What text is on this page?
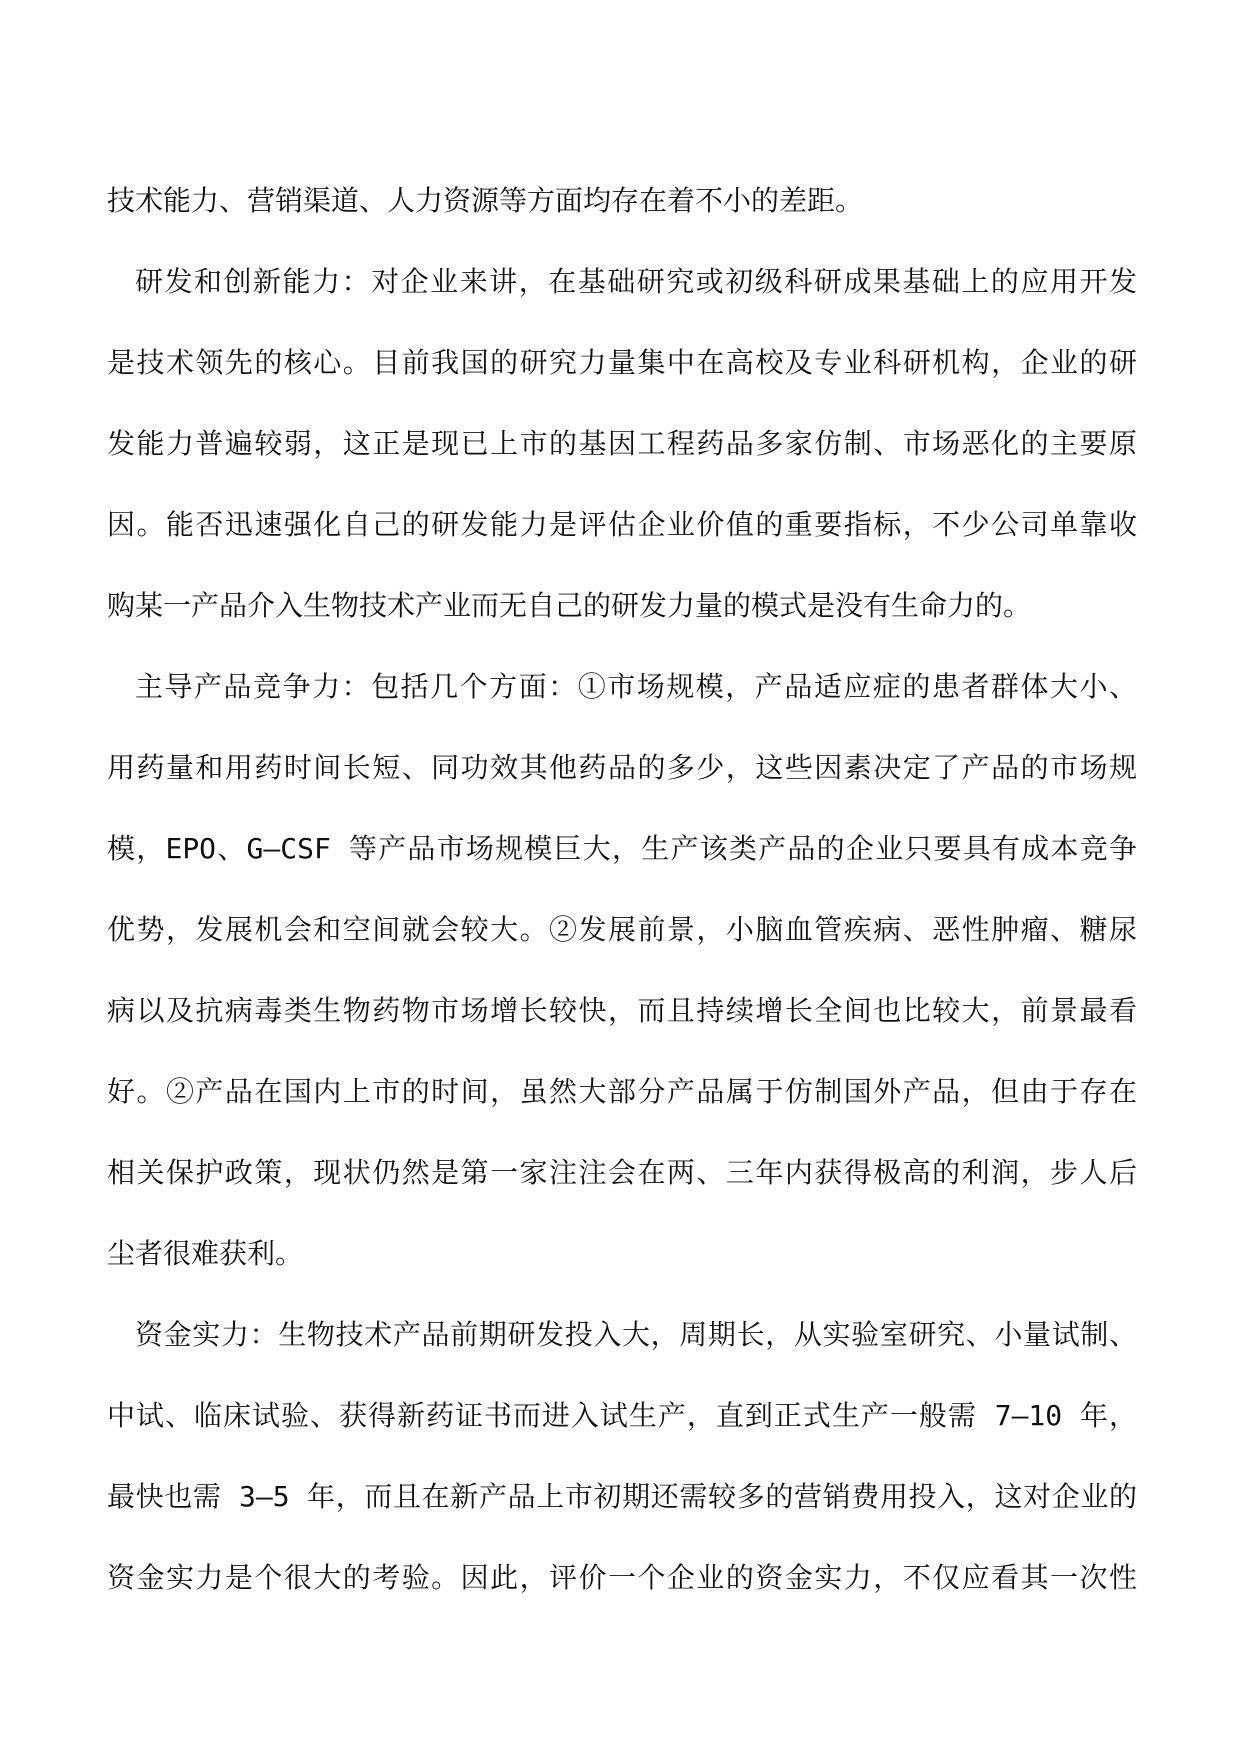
技术能力、营销渠道、人力资源等方面均存在着不小的差距。
研发和创新能力：对企业来讲，在基础研究或初级科研成果基础上的应用开发
是技术领先的核心。目前我国的研究力量集中在高校及专业科研机构，企业的研
发能力普遍较弱，这正是现已上市的基因工程药品多家仿制、市场恶化的主要原
因。能否迅速强化自己的研发能力是评估企业价值的重要指标，不少公司单靠收
购某一产品介入生物技术产业而无自己的研发力量的模式是没有生命力的。
主导产品竞争力：包括几个方面：①市场规模，产品适应症的患者群体大小、
用药量和用药时间长短、同功效其他药品的多少，这些因素决定了产品的市场规
模，EPO、G—CSF 等产品市场规模巨大，生产该类产品的企业只要具有成本竞争
优势，发展机会和空间就会较大。②发展前景，小脑血管疾病、恶性肿瘤、糖尿
病以及抗病毒类生物药物市场增长较快，而且持续增长全间也比较大，前景最看
好。②产品在国内上市的时间，虽然大部分产品属于仿制国外产品，但由于存在
相关保护政策，现状仍然是第一家注注会在两、三年内获得极高的利润，步人后
尘者很难获利。
资金实力：生物技术产品前期研发投入大，周期长，从实验室研究、小量试制、
中试、临床试验、获得新药证书而进入试生产，直到正式生产一般需 7—10 年，
最快也需 3—5 年，而且在新产品上市初期还需较多的营销费用投入，这对企业的
资金实力是个很大的考验。因此，评价一个企业的资金实力，不仅应看其一次性
